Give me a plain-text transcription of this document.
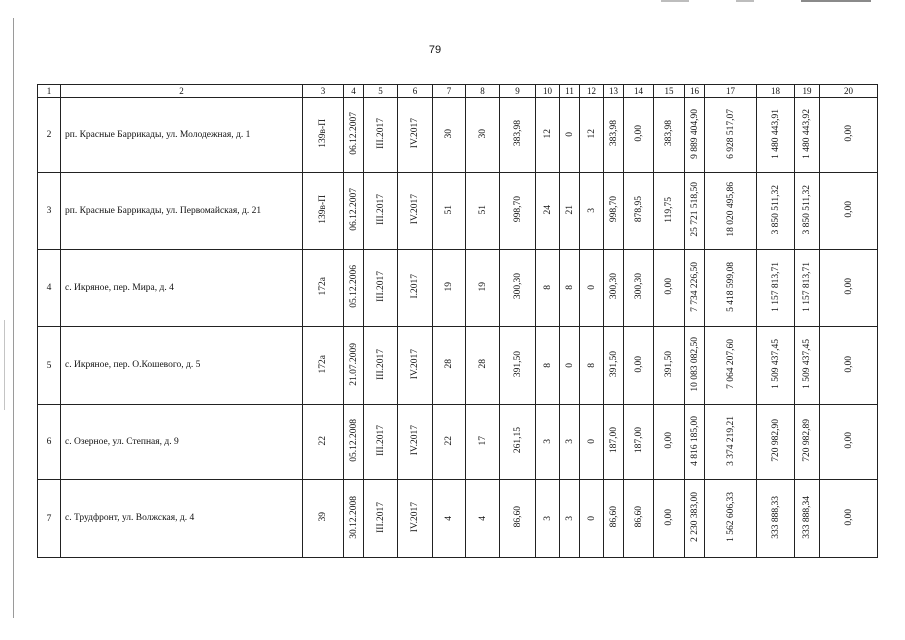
79
1	2	3	4	5	6	7	8	9	10	11	12	13	14	15	16	17	18	19	20
2	рп. Красные Баррикады, ул. Молодежная, д. 1	139в-П	06.12.2007	III.2017	IV.2017	30	30	383,98	12	0	12	383,98	0,00	383,98	9 889 404,90	6 928 517,07	1 480 443,91	1 480 443,92	0,00
3	рп. Красные Баррикады, ул. Первомайская, д. 21	139в-П	06.12.2007	III.2017	IV.2017	51	51	998,70	24	21	3	998,70	878,95	119,75	25 721 518,50	18 020 495,86	3 850 511,32	3 850 511,32	0,00
4	с. Икряное, пер. Мира, д. 4	172а	05.12.2006	III.2017	I.2017	19	19	300,30	8	8	0	300,30	300,30	0,00	7 734 226,50	5 418 599,08	1 157 813,71	1 157 813,71	0,00
5	с. Икряное, пер. О.Кошевого, д. 5	172а	21.07.2009	III.2017	IV.2017	28	28	391,50	8	0	8	391,50	0,00	391,50	10 083 082,50	7 064 207,60	1 509 437,45	1 509 437,45	0,00
6	с. Озерное, ул. Степная, д. 9	22	05.12.2008	III.2017	IV.2017	22	17	261,15	3	3	0	187,00	187,00	0,00	4 816 185,00	3 374 219,21	720 982,90	720 982,89	0,00
7	с. Трудфронт, ул. Волжская, д. 4	39	30.12.2008	III.2017	IV.2017	4	4	86,60	3	3	0	86,60	86,60	0,00	2 230 383,00	1 562 606,33	333 888,33	333 888,34	0,00
